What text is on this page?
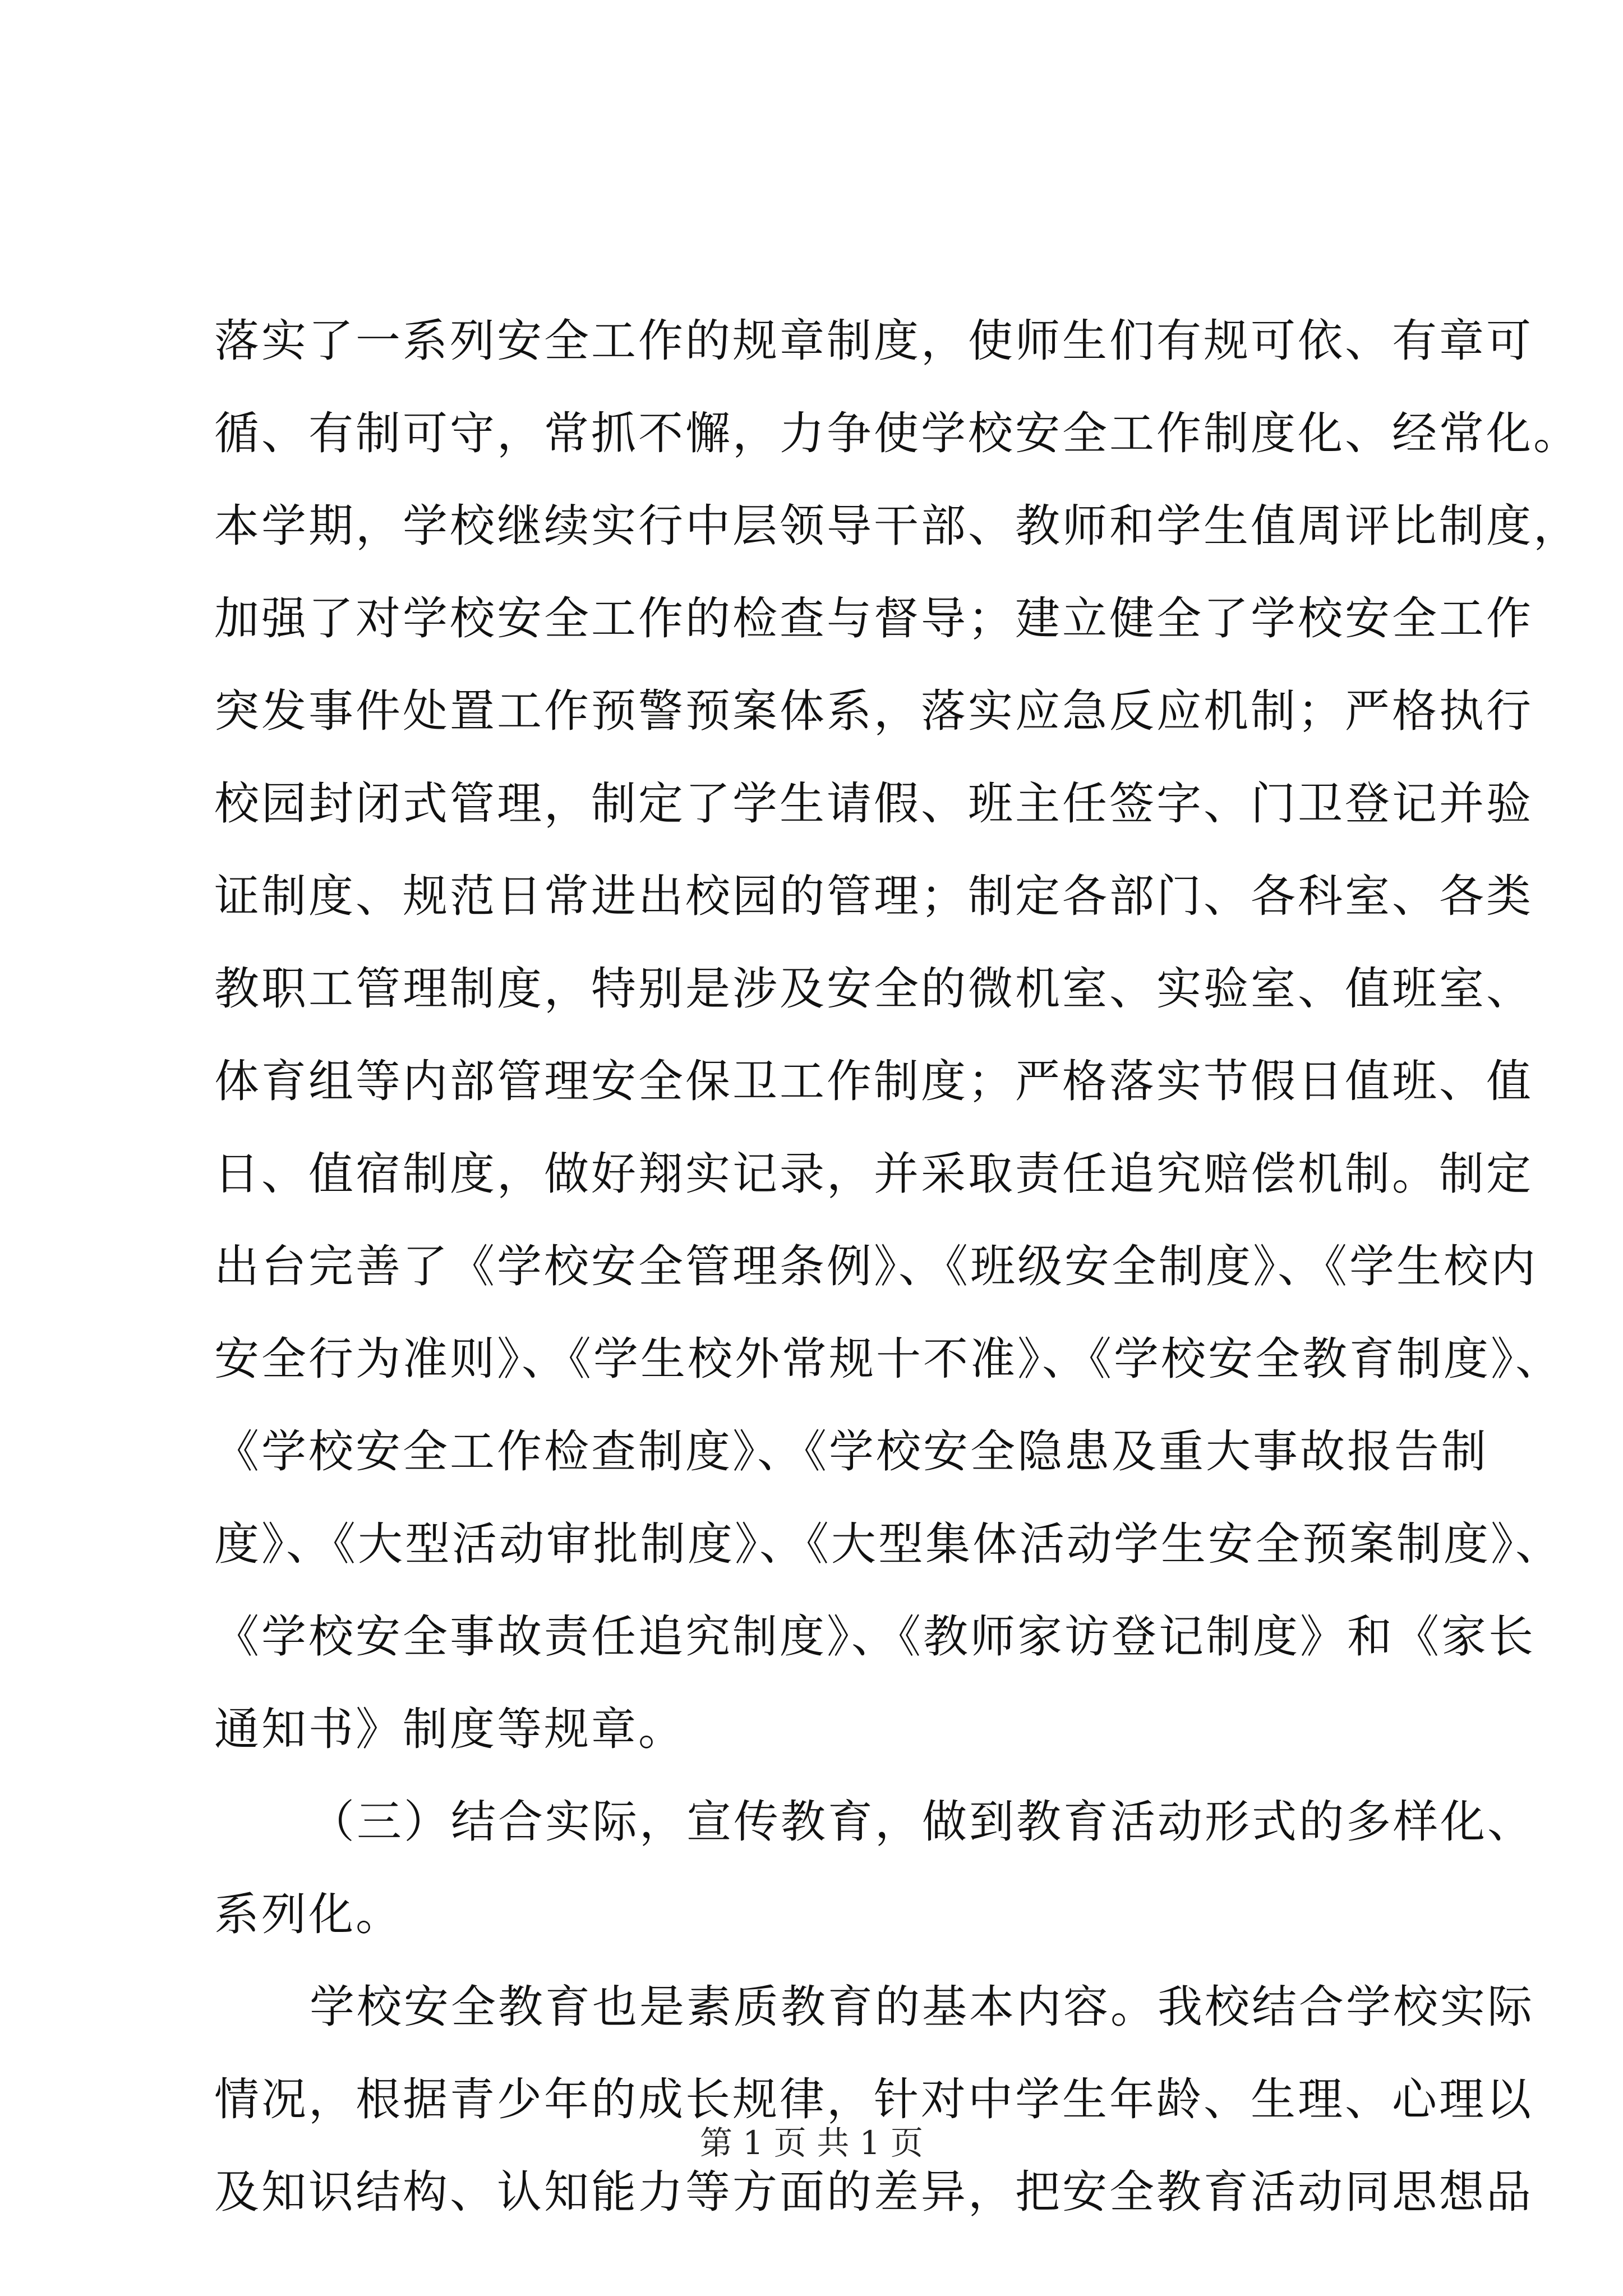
落实了一系列安全工作的规章制度，使师生们有规可依、有章可
循、有制可守，常抓不懈，力争使学校安全工作制度化、经常化。
本学期，学校继续实行中层领导干部、教师和学生值周评比制度，
加强了对学校安全工作的检查与督导；建立健全了学校安全工作
突发事件处置工作预警预案体系，落实应急反应机制；严格执行
校园封闭式管理，制定了学生请假、班主任签字、门卫登记并验
证制度、规范日常进出校园的管理；制定各部门、各科室、各类
教职工管理制度，特别是涉及安全的微机室、实验室、值班室、
体育组等内部管理安全保卫工作制度；严格落实节假日值班、值
日、值宿制度，做好翔实记录，并采取责任追究赔偿机制。制定
出台完善了《学校安全管理条例》、《班级安全制度》、《学生校内
安全行为准则》、《学生校外常规十不准》、《学校安全教育制度》、
《学校安全工作检查制度》、《学校安全隐患及重大事故报告制
度》、《大型活动审批制度》、《大型集体活动学生安全预案制度》、
《学校安全事故责任追究制度》、《教师家访登记制度》和《家长
通知书》制度等规章。
（三）结合实际，宣传教育，做到教育活动形式的多样化、
系列化。
学校安全教育也是素质教育的基本内容。我校结合学校实际
情况，根据青少年的成长规律，针对中学生年龄、生理、心理以
及知识结构、认知能力等方面的差异，把安全教育活动同思想品
第 1 页 共 1 页
